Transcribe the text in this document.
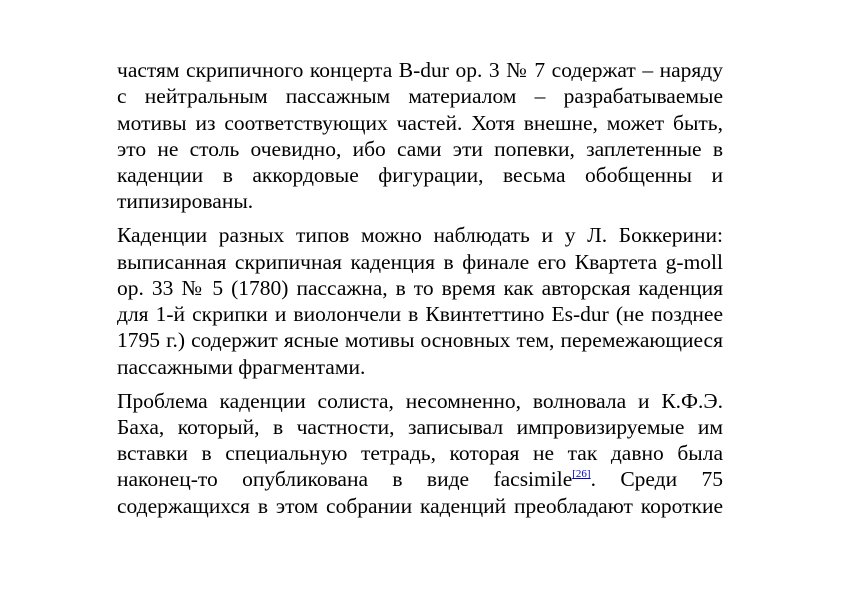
частям скрипичного концерта B-dur op. 3 № 7 содержат – наряду
с нейтральным пассажным материалом – разрабатываемые
мотивы из соответствующих частей. Хотя внешне, может быть,
это не столь очевидно, ибо сами эти попевки, заплетенные в
каденции в аккордовые фигурации, весьма обобщенны и
типизированы.

Каденции разных типов можно наблюдать и у Л. Боккерини:
выписанная скрипичная каденция в финале его Квартета g-moll
op. 33 № 5 (1780) пассажна, в то время как авторская каденция
для 1-й скрипки и виолончели в Квинтеттино Es-dur (не позднее
1795 г.) содержит ясные мотивы основных тем, перемежающиеся
пассажными фрагментами.

Проблема каденции солиста, несомненно, волновала и К.Ф.Э.
Баха, который, в частности, записывал импровизируемые им
вставки в специальную тетрадь, которая не так давно была
наконец-то опубликована в виде facsimile[26]. Среди 75
содержащихся в этом собрании каденций преобладают короткие
